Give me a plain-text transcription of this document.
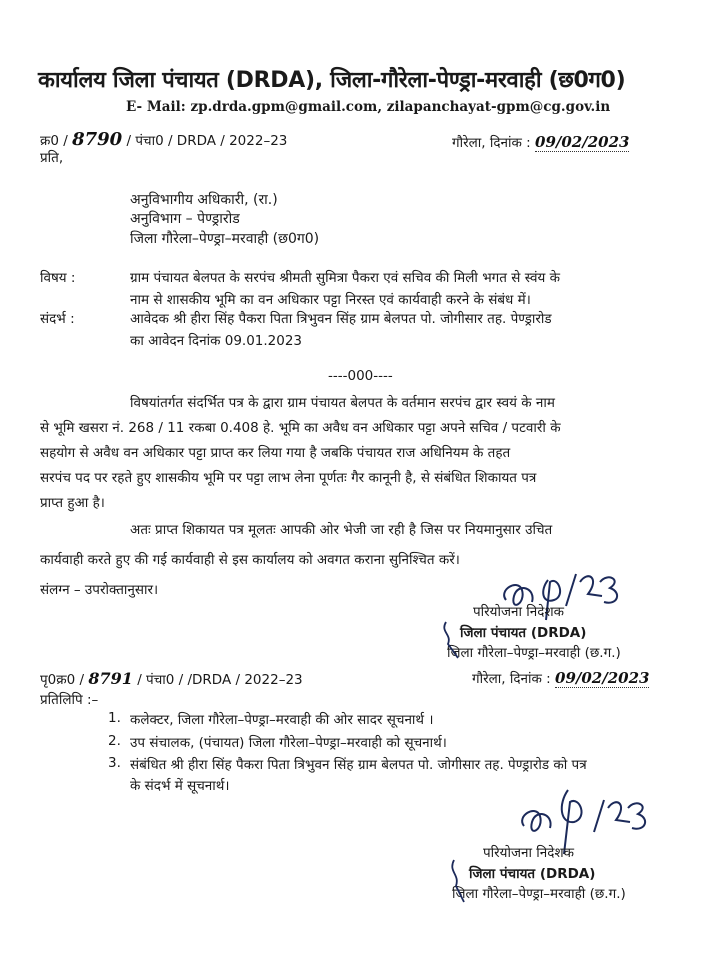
कार्यालय जिला पंचायत (DRDA), जिला-गौरेला-पेण्ड्रा-मरवाही (छ0ग0)
E- Mail: zp.drda.gpm@gmail.com, zilapanchayat-gpm@cg.gov.in
क्र0 / 8790 / पंचा0 / DRDA / 2022–23	गौरेला, दिनांक : 09/02/2023
प्रति,
अनुविभागीय अधिकारी, (रा.)
अनुविभाग – पेण्ड्रारोड
जिला गौरेला–पेण्ड्रा–मरवाही (छ0ग0)
विषय :	ग्राम पंचायत बेलपत के सरपंच श्रीमती सुमित्रा पैकरा एवं सचिव की मिली भगत से स्वंय के
नाम से शासकीय भूमि का वन अधिकार पट्टा निरस्त एवं कार्यवाही करने के संबंध में।
संदर्भ :	आवेदक श्री हीरा सिंह पैकरा पिता त्रिभुवन सिंह ग्राम बेलपत पो. जोगीसार तह. पेण्ड्रारोड
का आवेदन दिनांक 09.01.2023
----000----
विषयांतर्गत संदर्भित पत्र के द्वारा ग्राम पंचायत बेलपत के वर्तमान सरपंच द्वार स्वयं के नाम
से भूमि खसरा नं. 268 / 11 रकबा 0.408 हे. भूमि का अवैध वन अधिकार पट्टा अपने सचिव / पटवारी के
सहयोग से अवैध वन अधिकार पट्टा प्राप्त कर लिया गया है जबकि पंचायत राज अधिनियम के तहत
सरपंच पद पर रहते हुए शासकीय भूमि पर पट्टा लाभ लेना पूर्णतः गैर कानूनी है, से संबंधित शिकायत पत्र
प्राप्त हुआ है।
अतः प्राप्त शिकायत पत्र मूलतः आपकी ओर भेजी जा रही है जिस पर नियमानुसार उचित
कार्यवाही करते हुए की गई कार्यवाही से इस कार्यालय को अवगत कराना सुनिश्चित करें।
संलग्न – उपरोक्तानुसार।
परियोजना निदेशक
जिला पंचायत (DRDA)
जिला गौरेला–पेण्ड्रा–मरवाही (छ.ग.)
पृ0क्र0 / 8791 / पंचा0 / /DRDA / 2022–23	गौरेला, दिनांक : 09/02/2023
प्रतिलिपि :–
1. कलेक्टर, जिला गौरेला–पेण्ड्रा–मरवाही की ओर सादर सूचनार्थ ।
2. उप संचालक, (पंचायत) जिला गौरेला–पेण्ड्रा–मरवाही को सूचनार्थ।
3. संबंधित श्री हीरा सिंह पैकरा पिता त्रिभुवन सिंह ग्राम बेलपत पो. जोगीसार तह. पेण्ड्रारोड को पत्र
के संदर्भ में सूचनार्थ।
परियोजना निदेशक
जिला पंचायत (DRDA)
जिला गौरेला–पेण्ड्रा–मरवाही (छ.ग.)
